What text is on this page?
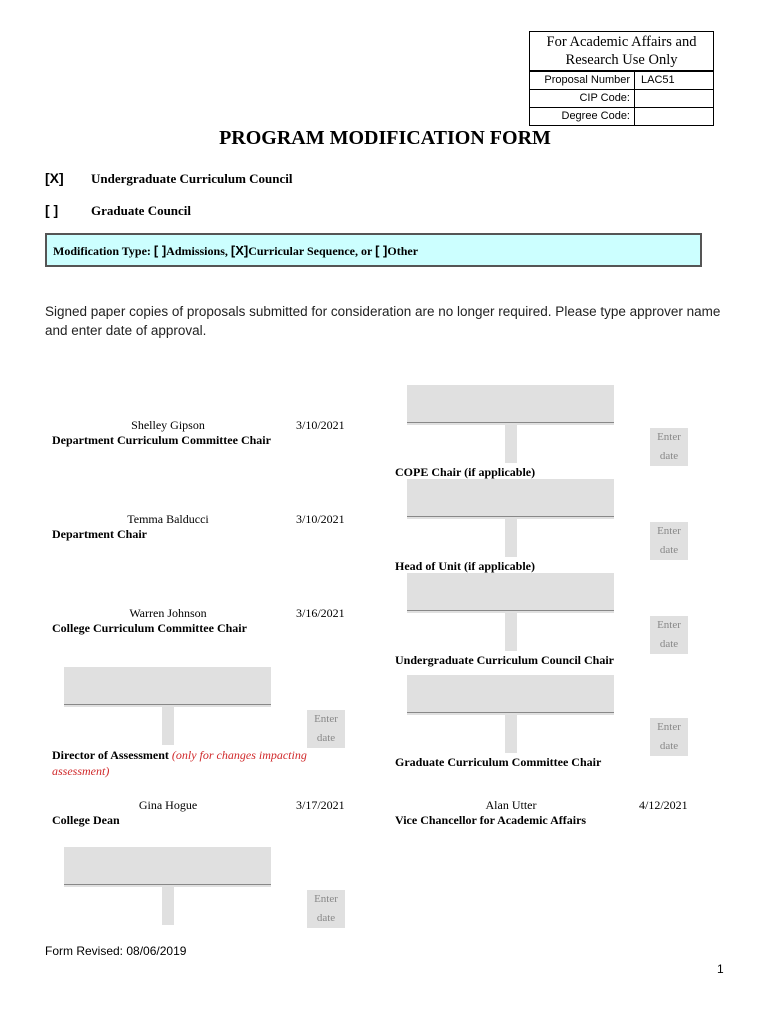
For Academic Affairs and Research Use Only
Proposal Number	LAC51
CIP Code:
Degree Code:
PROGRAM MODIFICATION FORM
[X] Undergraduate Curriculum Council
[ ]	Graduate Council
Modification Type: [ ]Admissions, [X]Curricular Sequence, or [ ]Other
Signed paper copies of proposals submitted for consideration are no longer required. Please type approver name and enter date of approval.
Shelley Gipson	3/10/2021
Department Curriculum Committee Chair
Temma Balducci	3/10/2021
Department Chair
Warren Johnson	3/16/2021
College Curriculum Committee Chair
Enter
date
Director of Assessment (only for changes impacting assessment)
Gina Hogue	3/17/2021
College Dean
Enter
date
Enter
date
COPE Chair (if applicable)
Enter
date
Head of Unit (if applicable)
Enter
date
Undergraduate Curriculum Council Chair
Enter
date
Graduate Curriculum Committee Chair
Alan Utter	4/12/2021
Vice Chancellor for Academic Affairs
Form Revised: 08/06/2019
1
